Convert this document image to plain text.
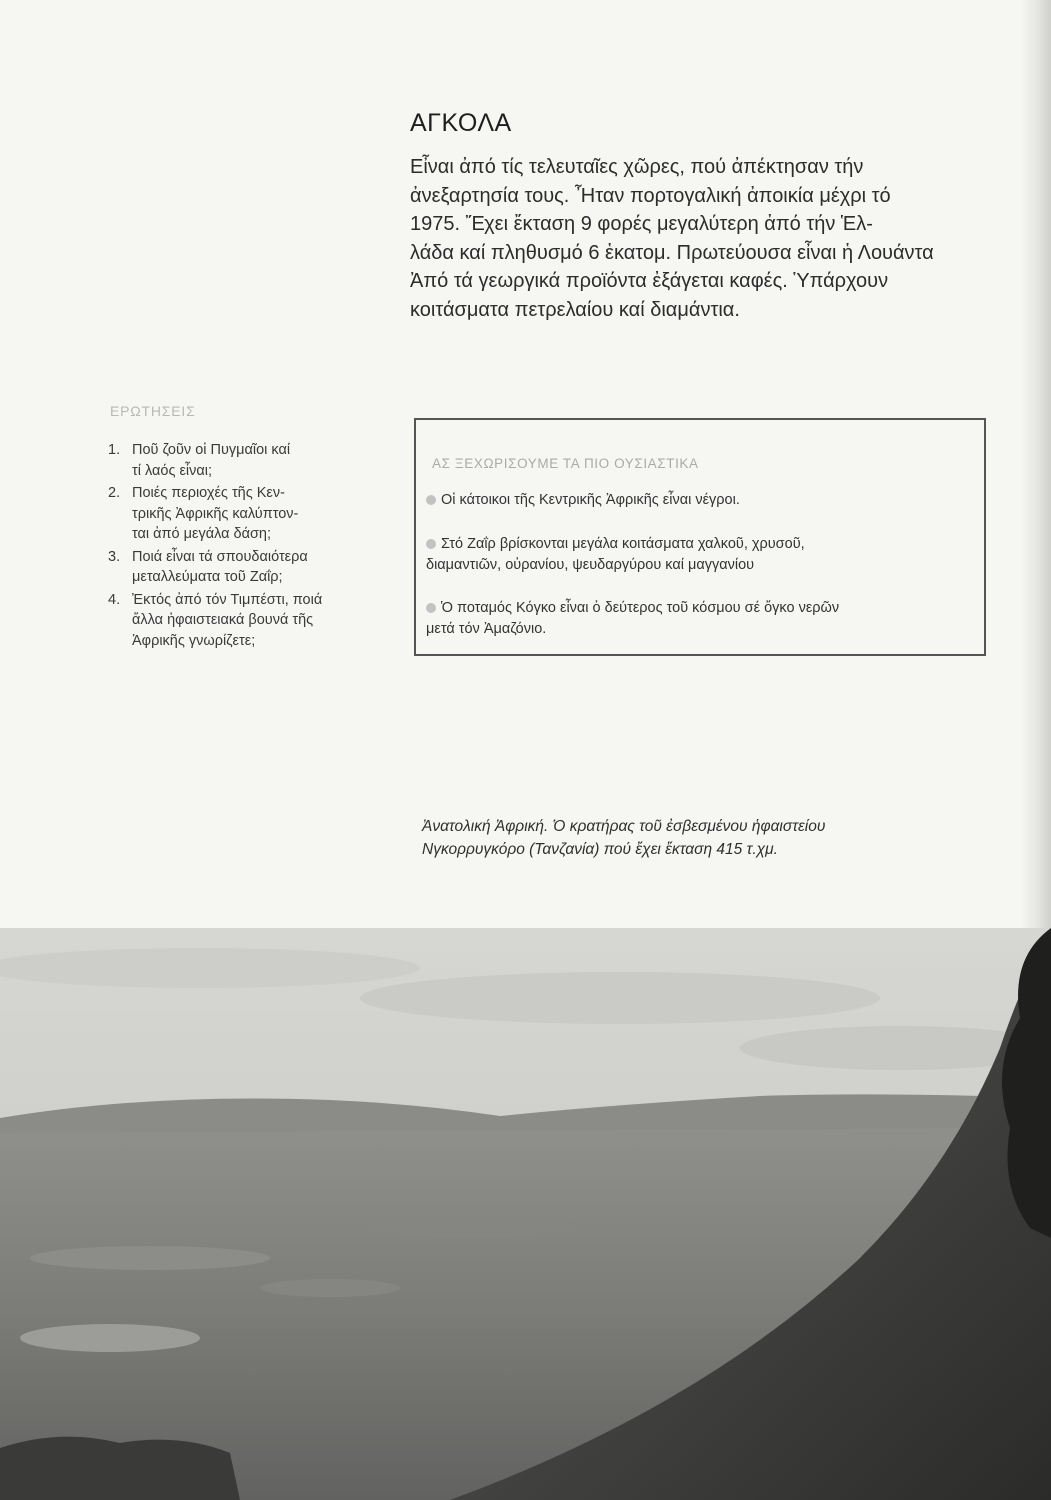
ΑΓΚΟΛΑ
Εἶναι ἀπό τίς τελευταῖες χῶρες, πού ἀπέκτησαν τήν
ἀνεξαρτησία τους. Ἦταν πορτογαλική ἀποικία μέχρι τό
1975. Ἔχει ἔκταση 9 φορές μεγαλύτερη ἀπό τήν Ἑλ-
λάδα καί πληθυσμό 6 ἑκατομ. Πρωτεύουσα εἶναι ἡ Λουάντα
Ἀπό τά γεωργικά προϊόντα ἐξάγεται καφές. Ὑπάρχουν
κοιτάσματα πετρελαίου καί διαμάντια.
ΕΡΩΤΗΣΕΙΣ
1. Ποῦ ζοῦν οἱ Πυγμαῖοι καί
τί λαός εἶναι;
2. Ποιές περιοχές τῆς Κεν-
τρικῆς Ἀφρικῆς καλύπτον-
ται ἀπό μεγάλα δάση;
3. Ποιά εἶναι τά σπουδαιότερα
μεταλλεύματα τοῦ Ζαΐρ;
4. Ἐκτός ἀπό τόν Τιμπέστι, ποιά
ἄλλα ἡφαιστειακά βουνά τῆς
Ἀφρικῆς γνωρίζετε;
ΑΣ ΞΕΧΩΡΙΣΟΥΜΕ ΤΑ ΠΙΟ ΟΥΣΙΑΣΤΙΚΑ
Οἱ κάτοικοι τῆς Κεντρικῆς Ἀφρικῆς εἶναι νέγροι.
Στό Ζαΐρ βρίσκονται μεγάλα κοιτάσματα χαλκοῦ, χρυσοῦ,
διαμαντιῶν, οὐρανίου, ψευδαργύρου καί μαγγανίου
Ὁ ποταμός Κόγκο εἶναι ὁ δεύτερος τοῦ κόσμου σέ ὄγκο νερῶν
μετά τόν Ἀμαζόνιο.
Ἀνατολική Ἀφρική. Ὁ κρατήρας τοῦ ἐσβεσμένου ἡφαιστείου
Νγκορρυγκόρο (Τανζανία) πού ἔχει ἔκταση 415 τ.χμ.
